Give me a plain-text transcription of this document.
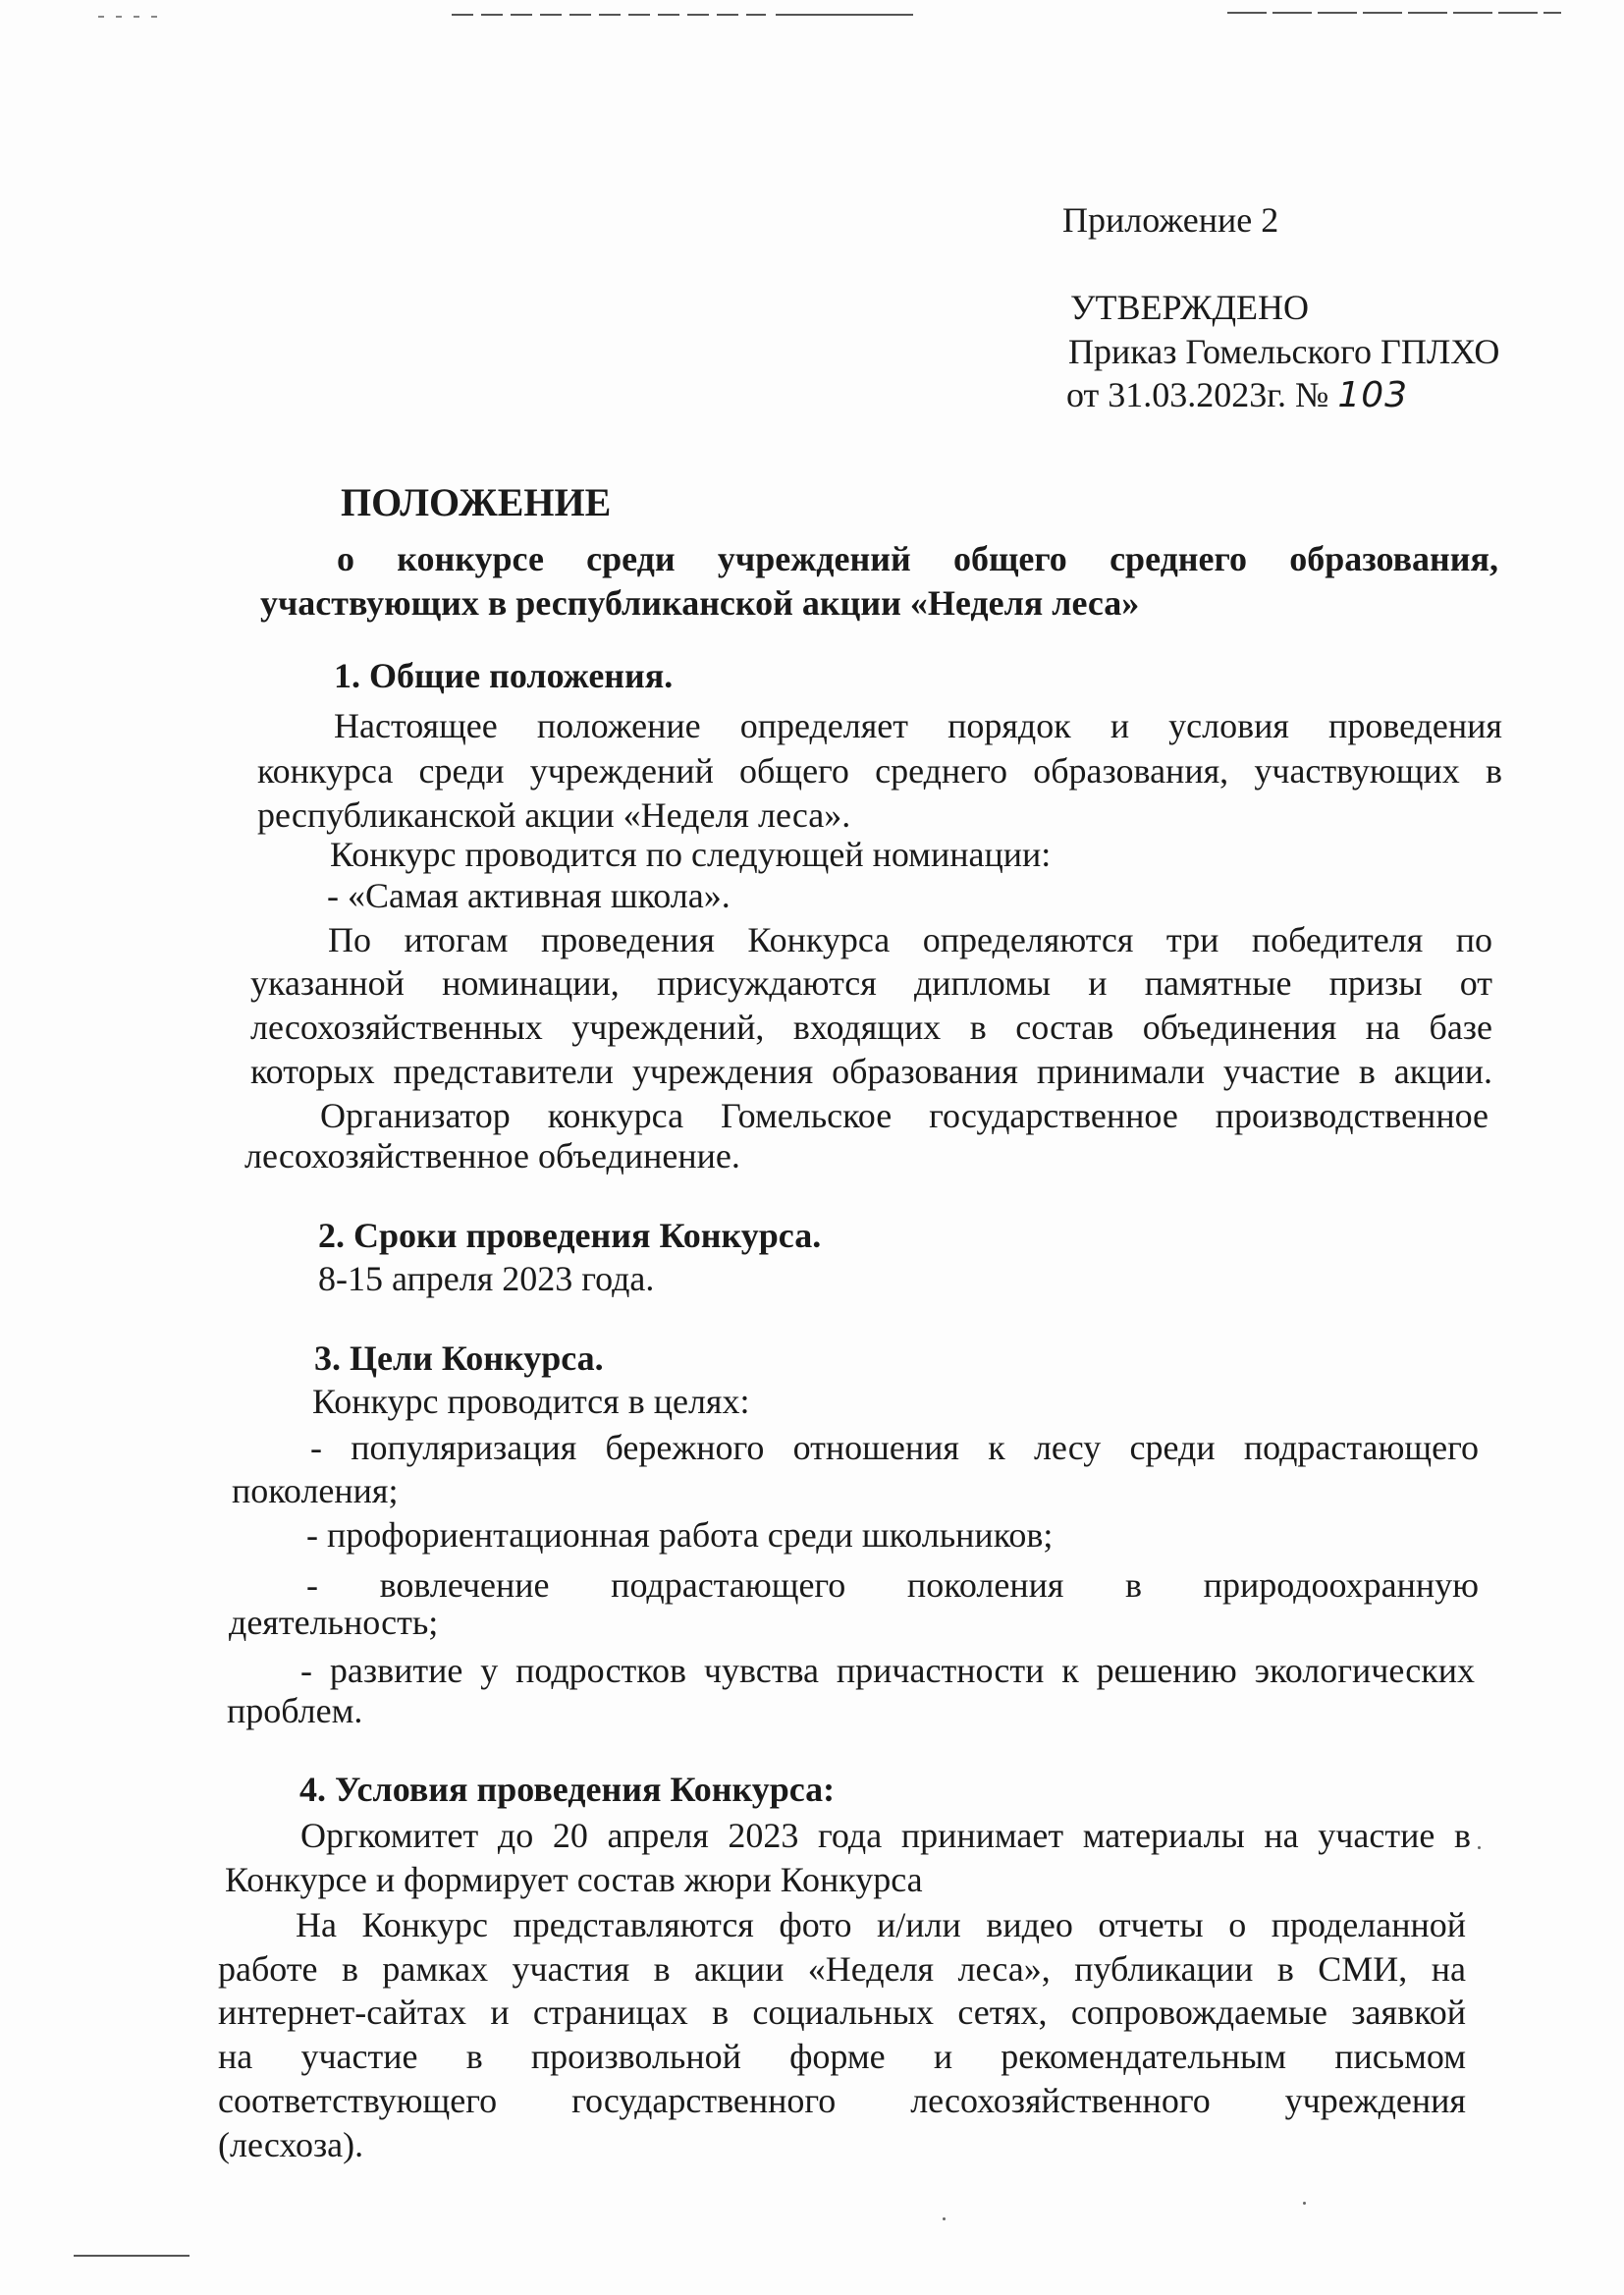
Приложение 2
УТВЕРЖДЕНО
Приказ Гомельского ГПЛХО
от 31.03.2023г. № 103
ПОЛОЖЕНИЕ
о конкурсе среди учреждений общего среднего образования,
участвующих в республиканской акции «Неделя леса»
1. Общие положения.
Настоящее положение определяет порядок и условия проведения
конкурса среди учреждений общего среднего образования, участвующих в
республиканской акции «Неделя леса».
Конкурс проводится по следующей номинации:
- «Самая активная школа».
По итогам проведения Конкурса определяются три победителя по
указанной номинации, присуждаются дипломы и памятные призы от
лесохозяйственных учреждений, входящих в состав объединения на базе
которых представители учреждения образования принимали участие в акции.
Организатор конкурса Гомельское государственное производственное
лесохозяйственное объединение.
2. Сроки проведения Конкурса.
8-15 апреля 2023 года.
3. Цели Конкурса.
Конкурс проводится в целях:
- популяризация бережного отношения к лесу среди подрастающего
поколения;
- профориентационная работа среди школьников;
- вовлечение подрастающего поколения в природоохранную
деятельность;
- развитие у подростков чувства причастности к решению экологических
проблем.
4. Условия проведения Конкурса:
Оргкомитет до 20 апреля 2023 года принимает материалы на участие в
Конкурсе и формирует состав жюри Конкурса
На Конкурс представляются фото и/или видео отчеты о проделанной
работе в рамках участия в акции «Неделя леса», публикации в СМИ, на
интернет-сайтах и страницах в социальных сетях, сопровождаемые заявкой
на участие в произвольной форме и рекомендательным письмом
соответствующего государственного лесохозяйственного учреждения
(лесхоза).
